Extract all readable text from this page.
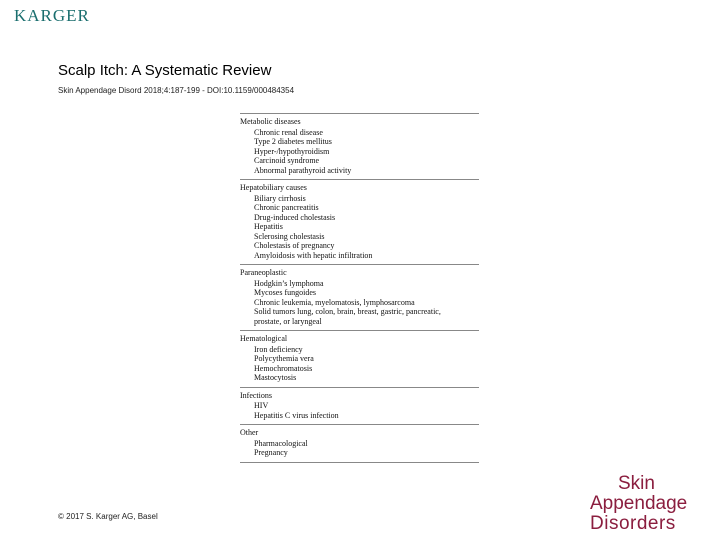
KARGER
Scalp Itch: A Systematic Review
Skin Appendage Disord 2018;4:187-199 - DOI:10.1159/000484354
Metabolic diseases
Chronic renal disease
Type 2 diabetes mellitus
Hyper-/hypothyroidism
Carcinoid syndrome
Abnormal parathyroid activity
Hepatobiliary causes
Biliary cirrhosis
Chronic pancreatitis
Drug-induced cholestasis
Hepatitis
Sclerosing cholestasis
Cholestasis of pregnancy
Amyloidosis with hepatic infiltration
Paraneoplastic
Hodgkin’s lymphoma
Mycoses fungoides
Chronic leukemia, myelomatosis, lymphosarcoma
Solid tumors lung, colon, brain, breast, gastric, pancreatic,
prostate, or laryngeal
Hematological
Iron deficiency
Polycythemia vera
Hemochromatosis
Mastocytosis
Infections
HIV
Hepatitis C virus infection
Other
Pharmacological
Pregnancy
© 2017 S. Karger AG, Basel
Skin
Appendage
Disorders
